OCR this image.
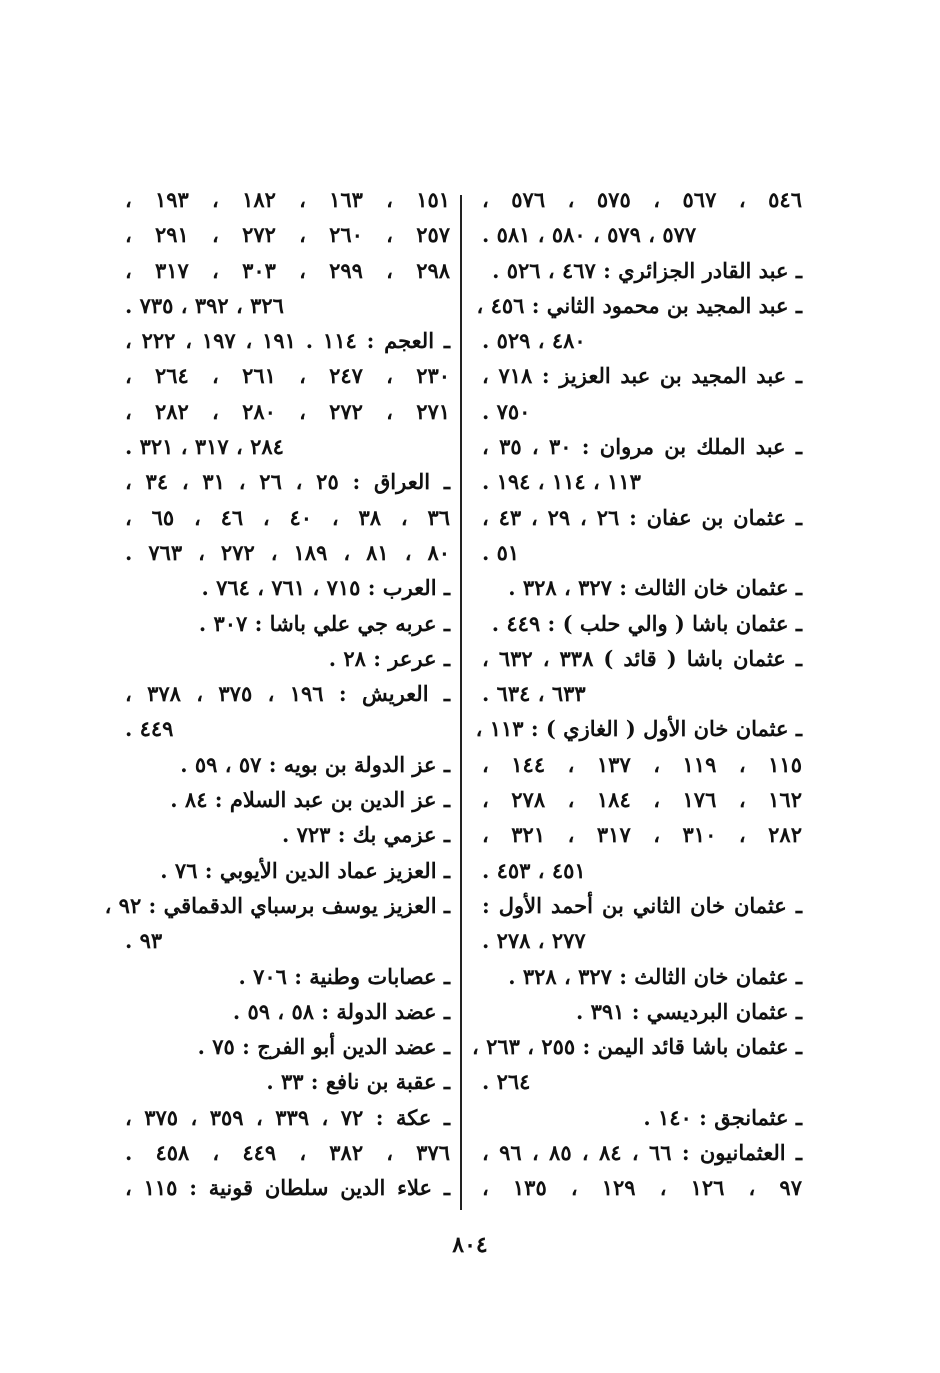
٥٤٦ ، ٥٦٧ ، ٥٧٥ ، ٥٧٦ ،
٥٧٧ ، ٥٧٩ ، ٥٨٠ ، ٥٨١ .
ـ عبد القادر الجزائري : ٤٦٧ ، ٥٢٦ .
ـ عبد المجيد بن محمود الثاني : ٤٥٦ ،
٤٨٠ ، ٥٢٩ .
ـ عبد المجيد بن عبد العزيز : ٧١٨ ،
٧٥٠ .
ـ عبد الملك بن مروان : ٣٠ ، ٣٥ ،
١١٣ ، ١١٤ ، ١٩٤ .
ـ عثمان بن عفان : ٢٦ ، ٢٩ ، ٤٣ ،
٥١ .
ـ عثمان خان الثالث : ٣٢٧ ، ٣٢٨ .
ـ عثمان باشا ( والي حلب ) : ٤٤٩ .
ـ عثمان باشا ( قائد ) ٣٣٨ ، ٦٣٢ ،
٦٣٣ ، ٦٣٤ .
ـ عثمان خان الأول ( الغازي ) : ١١٣ ،
١١٥ ، ١١٩ ، ١٣٧ ، ١٤٤ ،
١٦٢ ، ١٧٦ ، ١٨٤ ، ٢٧٨ ،
٢٨٢ ، ٣١٠ ، ٣١٧ ، ٣٢١ ،
٤٥١ ، ٤٥٣ .
ـ عثمان خان الثاني بن أحمد الأول :
٢٧٧ ، ٢٧٨ .
ـ عثمان خان الثالث : ٣٢٧ ، ٣٢٨ .
ـ عثمان البرديسي : ٣٩١ .
ـ عثمان باشا قائد اليمن : ٢٥٥ ، ٢٦٣ ،
٢٦٤ .
ـ عثمانجق : ١٤٠ .
ـ العثمانيون : ٦٦ ، ٨٤ ، ٨٥ ، ٩٦ ،
٩٧ ، ١٢٦ ، ١٢٩ ، ١٣٥ ،
١٥١ ، ١٦٣ ، ١٨٢ ، ١٩٣ ،
٢٥٧ ، ٢٦٠ ، ٢٧٢ ، ٢٩١ ،
٢٩٨ ، ٢٩٩ ، ٣٠٣ ، ٣١٧ ،
٣٢٦ ، ٣٩٢ ، ٧٣٥ .
ـ العجم : ١١٤ . ١٩١ ، ١٩٧ ، ٢٢٢ ،
٢٣٠ ، ٢٤٧ ، ٢٦١ ، ٢٦٤ ،
٢٧١ ، ٢٧٢ ، ٢٨٠ ، ٢٨٢ ،
٢٨٤ ، ٣١٧ ، ٣٢١ .
ـ العراق : ٢٥ ، ٢٦ ، ٣١ ، ٣٤ ،
٣٦ ، ٣٨ ، ٤٠ ، ٤٦ ، ٦٥ ،
٨٠ ، ٨١ ، ١٨٩ ، ٢٧٢ ، ٧٦٣ .
ـ العرب : ٧١٥ ، ٧٦١ ، ٧٦٤ .
ـ عربه جي علي باشا : ٣٠٧ .
ـ عرعر : ٢٨ .
ـ العريش : ١٩٦ ، ٣٧٥ ، ٣٧٨ ،
٤٤٩ .
ـ عز الدولة بن بويه : ٥٧ ، ٥٩ .
ـ عز الدين بن عبد السلام : ٨٤ .
ـ عزمي بك : ٧٢٣ .
ـ العزيز عماد الدين الأيوبي : ٧٦ .
ـ العزيز يوسف برسباي الدقماقي : ٩٢ ،
٩٣ .
ـ عصابات وطنية : ٧٠٦ .
ـ عضد الدولة : ٥٨ ، ٥٩ .
ـ عضد الدين أبو الفرج : ٧٥ .
ـ عقبة بن نافع : ٣٣ .
ـ عكة : ٧٢ ، ٣٣٩ ، ٣٥٩ ، ٣٧٥ ،
٣٧٦ ، ٣٨٢ ، ٤٤٩ ، ٤٥٨ .
ـ علاء الدين سلطان قونية : ١١٥ ،
٨٠٤
